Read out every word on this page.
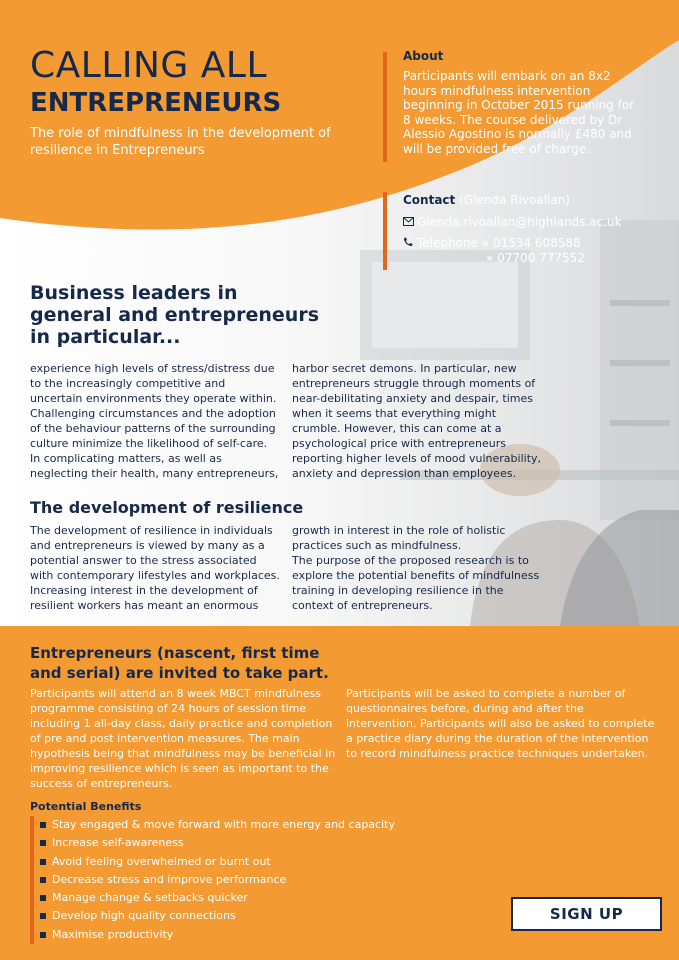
CALLING ALL
ENTREPRENEURS
The role of mindfulness in the development of resilience in Entrepreneurs
About
Participants will embark on an 8x2 hours mindfulness intervention beginning in October 2015 running for 8 weeks. The course delivered by Dr Alessio Agostino is normally £480 and will be provided free of charge.
Contact (Glenda Rivoallan)
Glenda.rivoallan@highlands.ac.uk
Telephone » 01534 608588
» 07700 777552
Business leaders in general and entrepreneurs in particular...
experience high levels of stress/distress due to the increasingly competitive and uncertain environments they operate within. Challenging circumstances and the adoption of the behaviour patterns of the surrounding culture minimize the likelihood of self-care. In complicating matters, as well as neglecting their health, many entrepreneurs,
harbor secret demons. In particular, new entrepreneurs struggle through moments of near-debilitating anxiety and despair, times when it seems that everything might crumble. However, this can come at a psychological price with entrepreneurs reporting higher levels of mood vulnerability, anxiety and depression than employees.
The development of resilience
The development of resilience in individuals and entrepreneurs is viewed by many as a potential answer to the stress associated with contemporary lifestyles and workplaces. Increasing interest in the development of resilient workers has meant an enormous
growth in interest in the role of holistic practices such as mindfulness.
The purpose of the proposed research is to explore the potential benefits of mindfulness training in developing resilience in the context of entrepreneurs.
Entrepreneurs (nascent, first time and serial) are invited to take part.
Participants will attend an 8 week MBCT mindfulness programme consisting of 24 hours of session time including 1 all-day class, daily practice and completion of pre and post intervention measures. The main hypothesis being that mindfulness may be beneficial in improving resilience which is seen as important to the success of entrepreneurs.
Participants will be asked to complete a number of questionnaires before, during and after the intervention. Participants will also be asked to complete a practice diary during the duration of the intervention to record mindfulness practice techniques undertaken.
Potential Benefits
Stay engaged & move forward with more energy and capacity
Increase self-awareness
Avoid feeling overwhelmed or burnt out
Decrease stress and improve performance
Manage change & setbacks quicker
Develop high quality connections
Maximise productivity
SIGN UP
